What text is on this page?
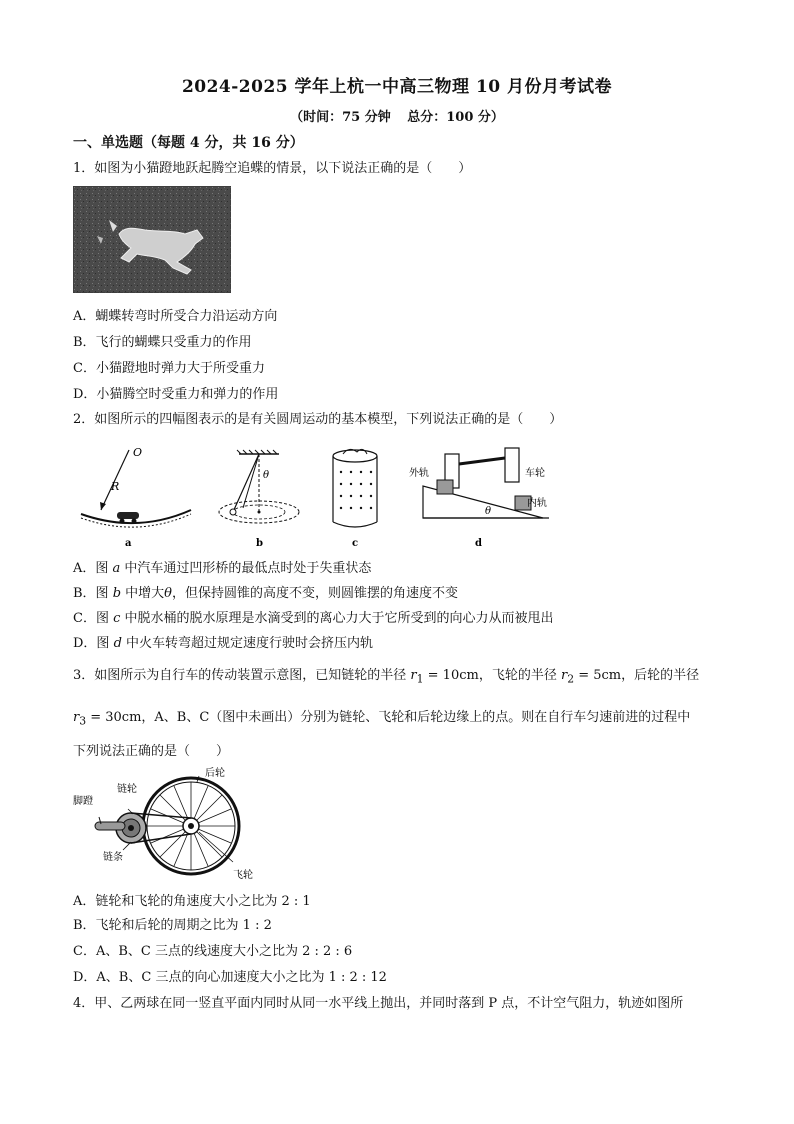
2024-2025 学年上杭一中高三物理 10 月份月考试卷
（时间：75 分钟 总分：100 分）
一、单选题（每题 4 分，共 16 分）
1．如图为小猫蹬地跃起腾空追蝶的情景，以下说法正确的是（　　）
A．蝴蝶转弯时所受合力沿运动方向
B．飞行的蝴蝶只受重力的作用
C．小猫蹬地时弹力大于所受重力
D．小猫腾空时受重力和弹力的作用
2．如图所示的四幅图表示的是有关圆周运动的基本模型，下列说法正确的是（　　）
O
R
a
θ
b	c
外轨	车轮
内轨
θ
d
A．图 a 中汽车通过凹形桥的最低点时处于失重状态
B．图 b 中增大θ，但保持圆锥的高度不变，则圆锥摆的角速度不变
C．图 c 中脱水桶的脱水原理是水滴受到的离心力大于它所受到的向心力从而被甩出
D．图 d 中火车转弯超过规定速度行驶时会挤压内轨
3．如图所示为自行车的传动装置示意图，已知链轮的半径 $r_1 = 10cm$，飞轮的半径 $r_2 = 5cm$，后轮的半径
$r_3 = 30cm$，A、B、C（图中未画出）分别为链轮、飞轮和后轮边缘上的点。则在自行车匀速前进的过程中
下列说法正确的是（　　）
脚蹬
链轮
后轮
链条
飞轮
A．链轮和飞轮的角速度大小之比为 2 : 1
B．飞轮和后轮的周期之比为 1 : 2
C．A、B、C 三点的线速度大小之比为 2 : 2 : 6
D．A、B、C 三点的向心加速度大小之比为 1 : 2 : 12
4．甲、乙两球在同一竖直平面内同时从同一水平线上抛出，并同时落到 P 点，不计空气阻力，轨迹如图所
